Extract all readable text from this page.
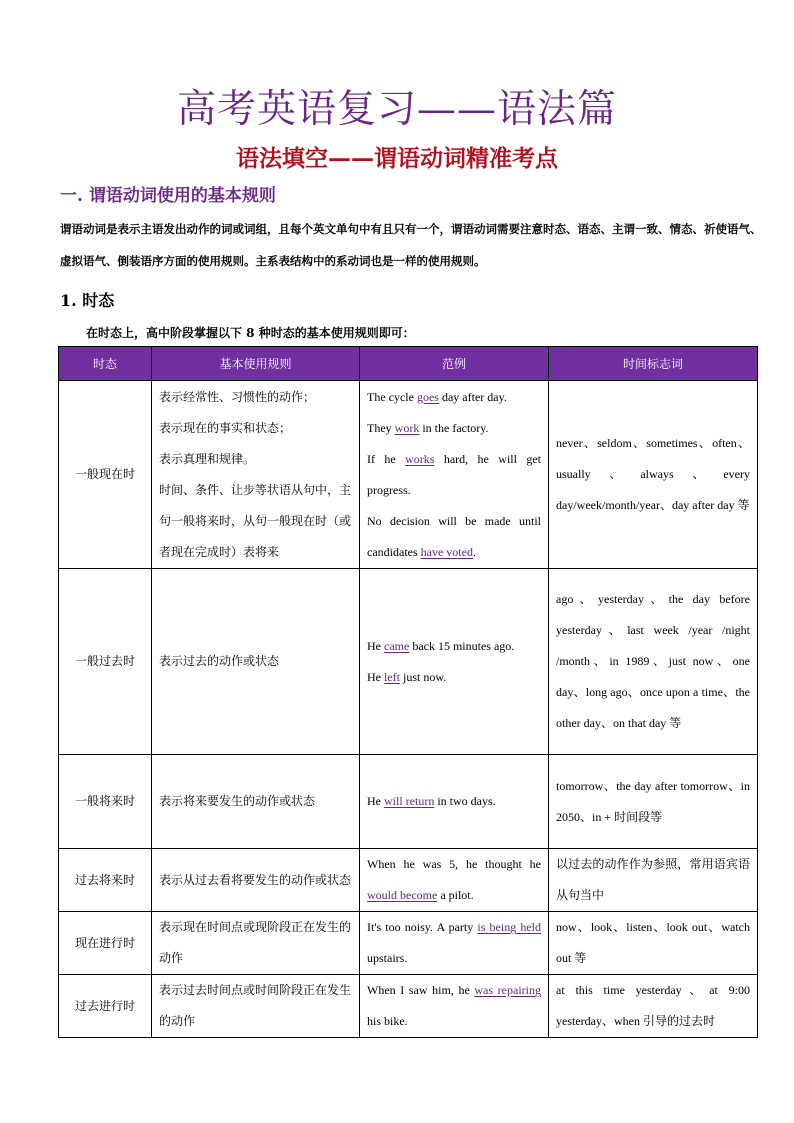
高考英语复习——语法篇
语法填空——谓语动词精准考点
一. 谓语动词使用的基本规则
谓语动词是表示主语发出动作的词或词组，且每个英文单句中有且只有一个，谓语动词需要注意时态、语态、主谓一致、情态、祈使语气、虚拟语气、倒装语序方面的使用规则。主系表结构中的系动词也是一样的使用规则。
1. 时态
在时态上，高中阶段掌握以下 8 种时态的基本使用规则即可：
时态	基本使用规则	范例	时间标志词
一般现在时	表示经常性、习惯性的动作；
表示现在的事实和状态；
表示真理和规律。
时间、条件、让步等状语从句中，主句一般将来时，从句一般现在时（或者现在完成时）表将来	The cycle goes day after day.
They work in the factory.
If he works hard, he will get progress.
No decision will be made until candidates have voted.	never、seldom、sometimes、often、usually、always、every day/week/month/year、day after day 等
一般过去时	表示过去的动作或状态	He came back 15 minutes ago.
He left just now.	ago、yesterday、the day before yesterday、last week /year /night /month、in 1989、just now、one day、long ago、once upon a time、the other day、on that day 等
一般将来时	表示将来要发生的动作或状态	He will return in two days.	tomorrow、the day after tomorrow、in 2050、in + 时间段等
过去将来时	表示从过去看将要发生的动作或状态	When he was 5, he thought he would become a pilot.	以过去的动作作为参照，常用语宾语从句当中
现在进行时	表示现在时间点或现阶段正在发生的动作	It's too noisy. A party is being held upstairs.	now、look、listen、look out、watch out 等
过去进行时	表示过去时间点或时间阶段正在发生的动作	When I saw him, he was repairing his bike.	at this time yesterday、at 9:00 yesterday、when 引导的过去时
